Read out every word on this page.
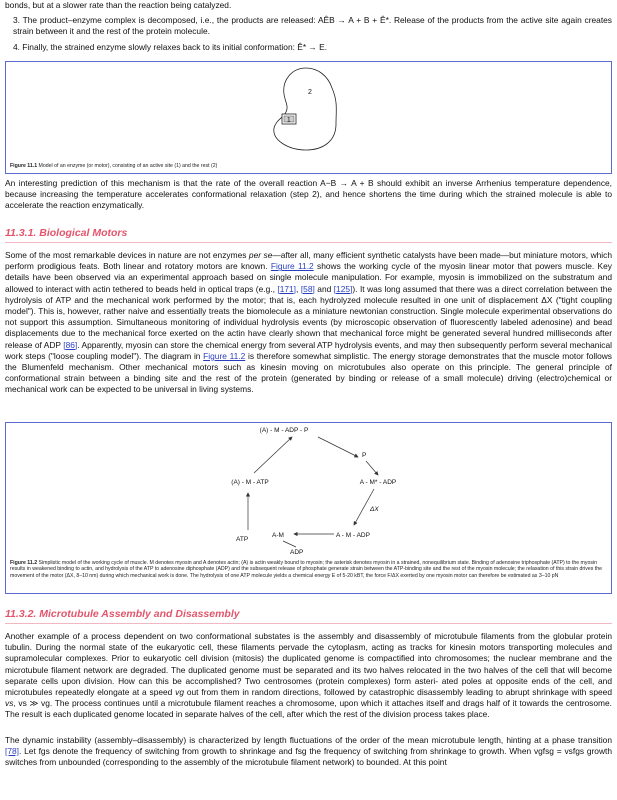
bonds, but at a slower rate than the reaction being catalyzed.

3. The product–enzyme complex is decomposed, i.e., the products are released: AÊB → A + B + Ê*. Release of the products from the active site again creates strain between it and the rest of the protein molecule.

4. Finally, the strained enzyme slowly relaxes back to its initial conformation: Ê* → E.

1
2
Figure 11.1 Model of an enzyme (or motor), consisting of an active site (1) and the rest (2)

An interesting prediction of this mechanism is that the rate of the overall reaction A−B → A + B should exhibit an inverse Arrhenius temperature dependence, because increasing the temperature accelerates conformational relaxation (step 2), and hence shortens the time during which the strained molecule is able to accelerate the reaction enzymatically.

11.3.1. Biological Motors

Some of the most remarkable devices in nature are not enzymes per se—after all, many efficient synthetic catalysts have been made—but miniature motors, which perform prodigious feats. Both linear and rotatory motors are known. Figure 11.2 shows the working cycle of the myosin linear motor that powers muscle. Key details have been observed via an experimental approach based on single molecule manipulation. For example, myosin is immobilized on the substratum and allowed to interact with actin tethered to beads held in optical traps (e.g., [171], [58] and [125]). It was long assumed that there was a direct correlation between the hydrolysis of ATP and the mechanical work performed by the motor; that is, each hydrolyzed molecule resulted in one unit of displacement ΔX ("tight coupling model"). This is, however, rather naive and essentially treats the biomolecule as a miniature newtonian construction. Single molecule experimental observations do not support this assumption. Simultaneous monitoring of individual hydrolysis events (by microscopic observation of fluorescently labeled adenosine) and bead displacements due to the mechanical force exerted on the actin have clearly shown that mechanical force might be generated several hundred milliseconds after release of ADP [86]. Apparently, myosin can store the chemical energy from several ATP hydrolysis events, and may then subsequently perform several mechanical work steps ("loose coupling model"). The diagram in Figure 11.2 is therefore somewhat simplistic. The energy storage demonstrates that the muscle motor follows the Blumenfeld mechanism. Other mechanical motors such as kinesin moving on microtubules also operate on this principle. The general principle of conformational strain between a binding site and the rest of the protein (generated by binding or release of a small molecule) driving (electro)chemical or mechanical work can be expected to be universal in living systems.

(A) - M - ADP - P
A - M* - ADP
A - M - ADP
(A) - M - ATP
P
ΔX
A-M
ADP
ATP
Figure 11.2 Simplistic model of the working cycle of muscle. M denotes myosin and A denotes actin; (A) is actin weakly bound to myosin; the asterisk denotes myosin in a strained, nonequilibrium state. Binding of adenosine triphosphate (ATP) to the myosin results in weakened binding to actin, and hydrolysis of the ATP to adenosine diphosphate (ADP) and the subsequent release of phosphate generate strain between the ATP-binding site and the rest of the myosin molecule; the relaxation of this strain drives the movement of the motor (ΔX, 8–10 nm) during which mechanical work is done. The hydrolysis of one ATP molecule yields a chemical energy E of 5-20 kBT, the force F/ΔX exerted by one myosin motor can therefore be estimated as 3–10 pN
11.3.2. Microtubule Assembly and Disassembly

Another example of a process dependent on two conformational substates is the assembly and disassembly of microtubule filaments from the globular protein tubulin. During the normal state of the eukaryotic cell, these filaments pervade the cytoplasm, acting as tracks for kinesin motors transporting molecules and supramolecular complexes. Prior to eukaryotic cell division (mitosis) the duplicated genome is compactified into chromosomes; the nuclear membrane and the microtubule filament network are degraded. The duplicated genome must be separated and its two halves relocated in the two halves of the cell that will become separate cells upon division. How can this be accomplished? Two centrosomes (protein complexes) form asteri- ated poles at opposite ends of the cell, and microtubules repeatedly elongate at a speed vg out from them in random directions, followed by catastrophic disassembly leading to abrupt shrinkage with speed vs, vs ≫ vg. The process continues until a microtubule filament reaches a chromosome, upon which it attaches itself and drags half of it towards the centrosome. The result is each duplicated genome located in separate halves of the cell, after which the rest of the division process takes place.

The dynamic instability (assembly–disassembly) is characterized by length fluctuations of the order of the mean microtubule length, hinting at a phase transition [78]. Let fgs denote the frequency of switching from growth to shrinkage and fsg the frequency of switching from shrinkage to growth. When vgfsg = vsfgs growth switches from unbounded (corresponding to the assembly of the microtubule filament network) to bounded. At this point
